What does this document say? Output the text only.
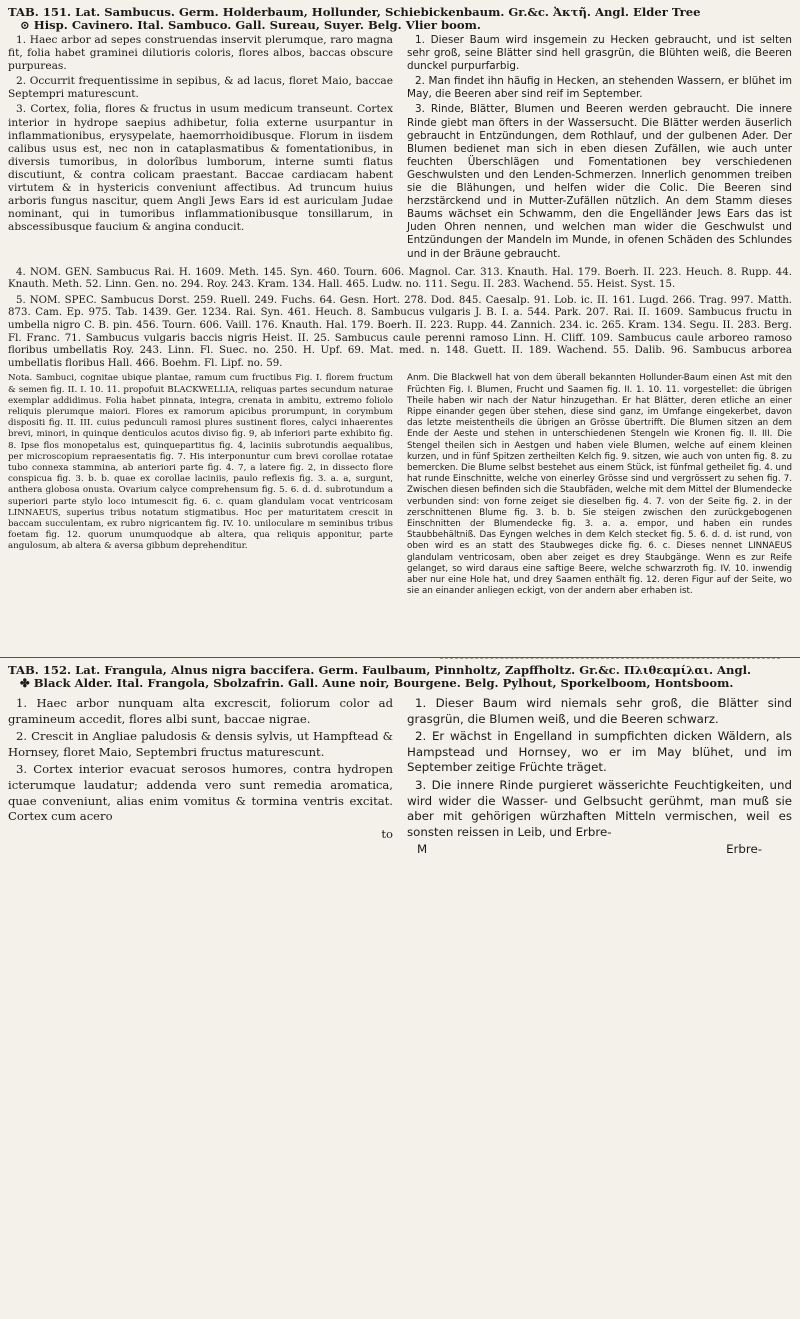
TAB. 151. Lat. Sambucus. Germ. Holderbaum, Hollunder, Schiebickenbaum. Gr.&c. Ἀκτῆ. Angl. Elder Tree
⊙ Hisp. Cavinero. Ital. Sambuco. Gall. Sureau, Suyer. Belg. Vlier boom.

1. Haec arbor ad sepes construendas inservit plerumque, raro magna fit, folia habet graminei dilutioris coloris, flores albos, baccas obscure purpureas.

2. Occurrit frequentissime in sepibus, & ad lacus, floret Maio, baccae Septempri maturescunt.

3. Cortex, folia, flores & fructus in usum medicum transeunt. Cortex interior in hydrope saepius adhibetur, folia externe usurpantur in inflammationibus, erysypelate, haemorrhoidibusque. Florum in iisdem calibus usus est, nec non in cataplasmatibus & fomentationibus, in diversis tumoribus, in dolorîbus lumborum, interne sumti flatus discutiunt, & contra colicam praestant. Baccae cardiacam habent virtutem & in hystericis conveniunt affectibus. Ad truncum huius arboris fungus nascitur, quem Angli Jews Ears id est auriculam Judae nominant, qui in tumoribus inflammationibusque tonsillarum, in abscessibusque faucium & angina conducit.

1. Dieser Baum wird insgemein zu Hecken gebraucht, und ist selten sehr groß, seine Blätter sind hell grasgrün, die Blühten weiß, die Beeren dunckel purpurfarbig.

2. Man findet ihn häufig in Hecken, an stehenden Wassern, er blühet im May, die Beeren aber sind reif im September.

3. Rinde, Blätter, Blumen und Beeren werden gebraucht. Die innere Rinde giebt man öfters in der Wassersucht. Die Blätter werden äuserlich gebraucht in Entzündungen, dem Rothlauf, und der gulbenen Ader. Der Blumen bedienet man sich in eben diesen Zufällen, wie auch unter feuchten Überschlägen und Fomentationen bey verschiedenen Geschwulsten und den Lenden-Schmerzen. Innerlich genommen treiben sie die Blähungen, und helfen wider die Colic. Die Beeren sind herzstärckend und in Mutter-Zufällen nützlich. An dem Stamm dieses Baums wächset ein Schwamm, den die Engelländer Jews Ears das ist Juden Ohren nennen, und welchen man wider die Geschwulst und Entzündungen der Mandeln im Munde, in ofenen Schäden des Schlundes und in der Bräune gebraucht.

4. NOM. GEN. Sambucus Rai. H. 1609. Meth. 145. Syn. 460. Tourn. 606. Magnol. Car. 313. Knauth. Hal. 179. Boerh. II. 223. Heuch. 8. Rupp. 44. Knauth. Meth. 52. Linn. Gen. no. 294. Roy. 243. Kram. 134. Hall. 465. Ludw. no. 111. Segu. II. 283. Wachend. 55. Heist. Syst. 15.

5. NOM. SPEC. Sambucus Dorst. 259. Ruell. 249. Fuchs. 64. Gesn. Hort. 278. Dod. 845. Caesalp. 91. Lob. ic. II. 161. Lugd. 266. Trag. 997. Matth. 873. Cam. Ep. 975. Tab. 1439. Ger. 1234. Rai. Syn. 461. Heuch. 8. Sambucus vulgaris J. B. I. a. 544. Park. 207. Rai. II. 1609. Sambucus fructu in umbella nigro C. B. pin. 456. Tourn. 606. Vaill. 176. Knauth. Hal. 179. Boerh. II. 223. Rupp. 44. Zannich. 234. ic. 265. Kram. 134. Segu. II. 283. Berg. Fl. Franc. 71. Sambucus vulgaris baccis nigris Heist. II. 25. Sambucus caule perenni ramoso Linn. H. Cliff. 109. Sambucus caule arboreo ramoso floribus umbellatis Roy. 243. Linn. Fl. Suec. no. 250. H. Upf. 69. Mat. med. n. 148. Guett. II. 189. Wachend. 55. Dalib. 96. Sambucus arborea umbellatis floribus Hall. 466. Boehm. Fl. Lipf. no. 59.

Nota. Sambuci, cognitae ubique plantae, ramum cum fructibus Fig. I. florem fructum & semen fig. II. I. 10. 11. propofuit BLACKWELLIA, reliquas partes secundum naturae exemplar addidimus. Folia habet pinnata, integra, crenata in ambitu, extremo foliolo reliquis plerumque maiori. Flores ex ramorum apicibus prorumpunt, in corymbum dispositi fig. II. III. cuius pedunculi ramosi plures sustinent flores, calyci inhaerentes brevi, minori, in quinque denticulos acutos diviso fig. 9, ab inferiori parte exhibito fig. 8. Ipse flos monopetalus est, quinquepartitus fig. 4, laciniis subrotundis aequalibus, per microscopium repraesentatis fig. 7. His interponuntur cum brevi corollae rotatae tubo connexa stammina, ab anteriori parte fig. 4. 7, a latere fig. 2, in dissecto flore conspicua fig. 3. b. b. quae ex corollae laciniis, paulo reflexis fig. 3. a. a, surgunt, anthera globosa onusta. Ovarium calyce comprehensum fig. 5. 6. d. d. subrotundum a superiori parte stylo loco intumescit fig. 6. c. quam glandulam vocat ventricosam LINNAEUS, superius tribus notatum stigmatibus. Hoc per maturitatem crescit in baccam succulentam, ex rubro nigricantem fig. IV. 10. uniloculare m seminibus tribus foetam fig. 12. quorum unumquodque ab altera, qua reliquis apponitur, parte angulosum, ab altera & aversa gibbum deprehenditur.
Anm. Die Blackwell hat von dem überall bekannten Hollunder-Baum einen Ast mit den Früchten Fig. I. Blumen, Frucht und Saamen fig. II. 1. 10. 11. vorgestellet: die übrigen Theile haben wir nach der Natur hinzugethan. Er hat Blätter, deren etliche an einer Rippe einander gegen über stehen, diese sind ganz, im Umfange eingekerbet, davon das letzte meistentheils die übrigen an Grösse übertrifft. Die Blumen sitzen an dem Ende der Aeste und stehen in unterschiedenen Stengeln wie Kronen fig. II. III. Die Stengel theilen sich in Aestgen und haben viele Blumen, welche auf einem kleinen kurzen, und in fünf Spitzen zertheilten Kelch fig. 9. sitzen, wie auch von unten fig. 8. zu bemercken. Die Blume selbst bestehet aus einem Stück, ist fünfmal getheilet fig. 4. und hat runde Einschnitte, welche von einerley Grösse sind und vergrössert zu sehen fig. 7. Zwischen diesen befinden sich die Staubfäden, welche mit dem Mittel der Blumendecke verbunden sind: von forne zeiget sie dieselben fig. 4. 7. von der Seite fig. 2. in der zerschnittenen Blume fig. 3. b. b. Sie steigen zwischen den zurückgebogenen Einschnitten der Blumendecke fig. 3. a. a. empor, und haben ein rundes Staubbehältniß. Das Eyngen welches in dem Kelch stecket fig. 5. 6. d. d. ist rund, von oben wird es an statt des Staubweges dicke fig. 6. c. Dieses nennet LINNAEUS glandulam ventricosam, oben aber zeiget es drey Staubgänge. Wenn es zur Reife gelanget, so wird daraus eine saftige Beere, welche schwarzroth fig. IV. 10. inwendig aber nur eine Hole hat, und drey Saamen enthält fig. 12. deren Figur auf der Seite, wo sie an einander anliegen eckigt, von der andern aber erhaben ist.
TAB. 152. Lat. Frangula, Alnus nigra baccifera. Germ. Faulbaum, Pinnholtz, Zapffholtz. Gr.&c. Πλιθεαμίλαι. Angl.
✤ Black Alder. Ital. Frangola, Sbolzafrin. Gall. Aune noir, Bourgene. Belg. Pylhout, Sporkelboom, Hontsboom.

1. Haec arbor nunquam alta excrescit, foliorum color ad gramineum accedit, flores albi sunt, baccae nigrae.

2. Crescit in Angliae paludosis & densis sylvis, ut Hampftead & Hornsey, floret Maio, Septembri fructus maturescunt.

3. Cortex interior evacuat serosos humores, contra hydropen icterumque laudatur; addenda vero sunt remedia aromatica, quae conveniunt, alias enim vomitus & tormina ventris excitat. Cortex cum acero

to

1. Dieser Baum wird niemals sehr groß, die Blätter sind grasgrün, die Blumen weiß, und die Beeren schwarz.

2. Er wächst in Engelland in sumpfichten dicken Wäldern, als Hampstead und Hornsey, wo er im May blühet, und im September zeitige Früchte träget.

3. Die innere Rinde purgieret wässerichte Feuchtigkeiten, und wird wider die Wasser- und Gelbsucht gerühmt, man muß sie aber mit gehörigen würzhaften Mitteln vermischen, weil es sonsten reissen in Leib, und Erbre-

M	Erbre-
